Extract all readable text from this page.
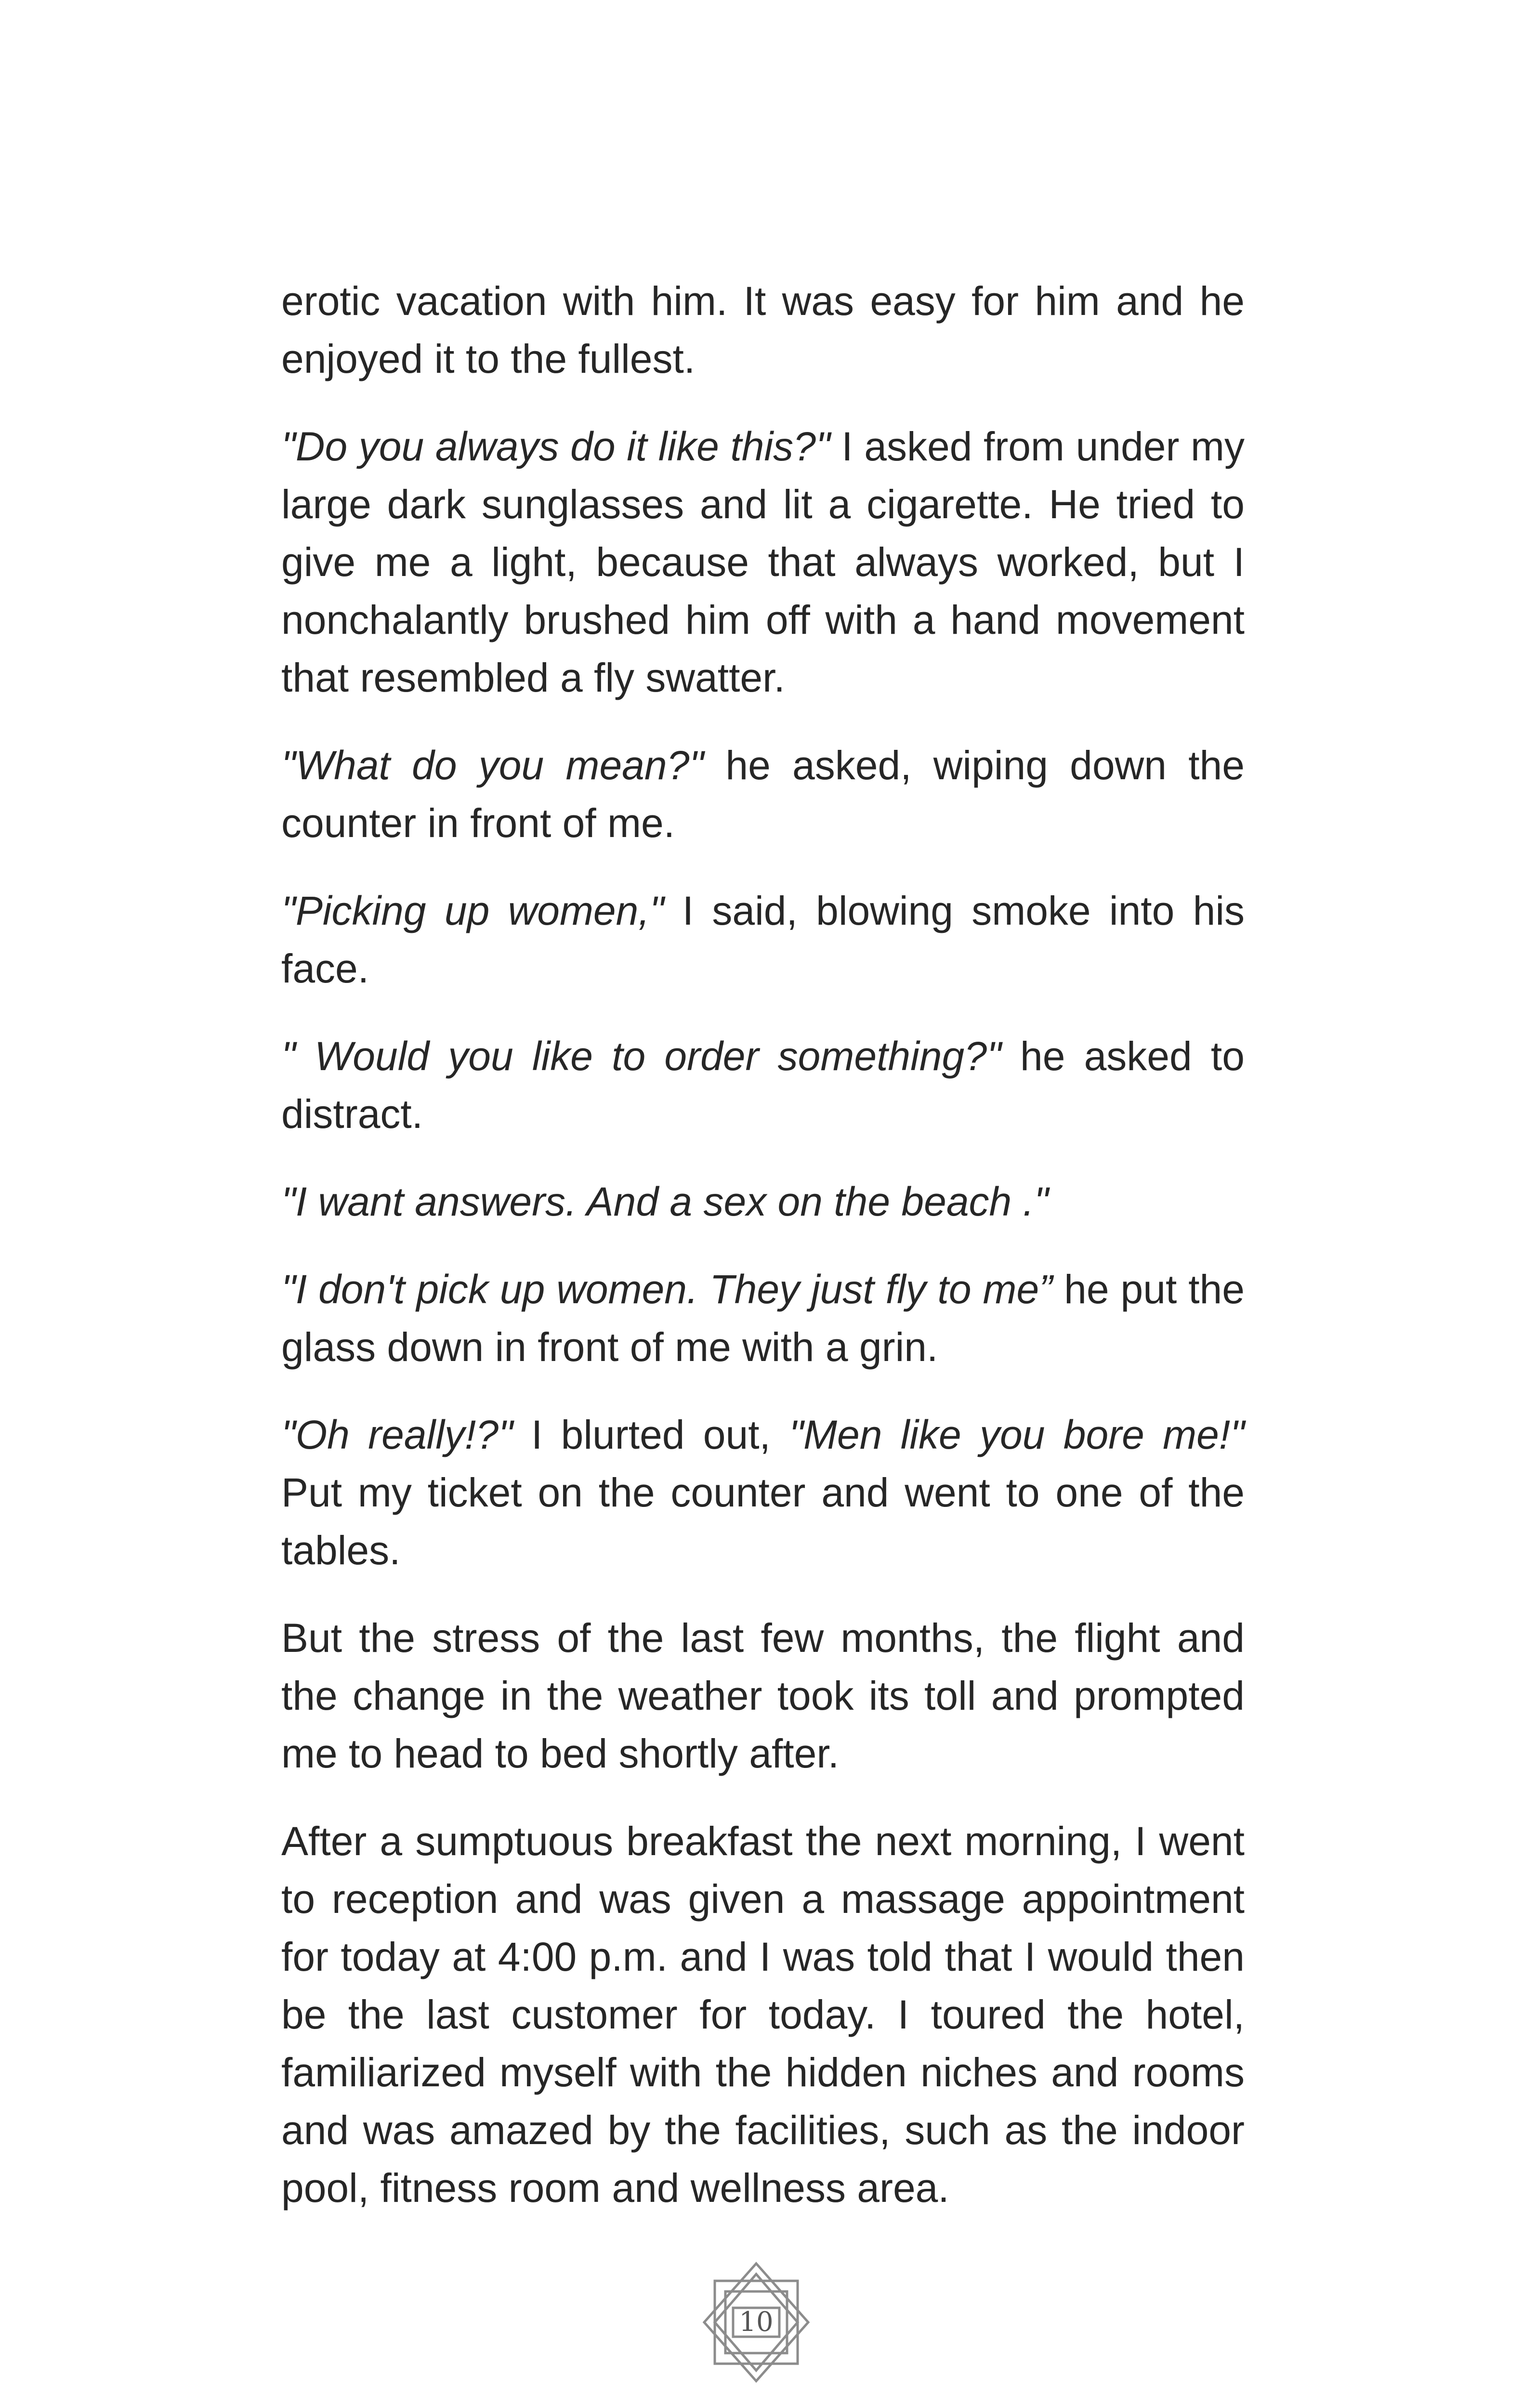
erotic vacation with him. It was easy for him and he enjoyed it to the fullest.

"Do you always do it like this?" I asked from under my large dark sunglasses and lit a cigarette. He tried to give me a light, because that always worked, but I nonchalantly brushed him off with a hand movement that resembled a fly swatter.

"What do you mean?" he asked, wiping down the counter in front of me.

"Picking up women," I said, blowing smoke into his face.

" Would you like to order something?" he asked to distract.

"I want answers. And a sex on the beach ."

"I don't pick up women. They just fly to me” he put the glass down in front of me with a grin.

"Oh really!?" I blurted out, "Men like you bore me!" Put my ticket on the counter and went to one of the tables.

But the stress of the last few months, the flight and the change in the weather took its toll and prompted me to head to bed shortly after.

After a sumptuous breakfast the next morning, I went to reception and was given a massage appointment for today at 4:00 p.m. and I was told that I would then be the last customer for today. I toured the hotel, familiarized myself with the hidden niches and rooms and was amazed by the facilities, such as the indoor pool, fitness room and wellness area.

10
